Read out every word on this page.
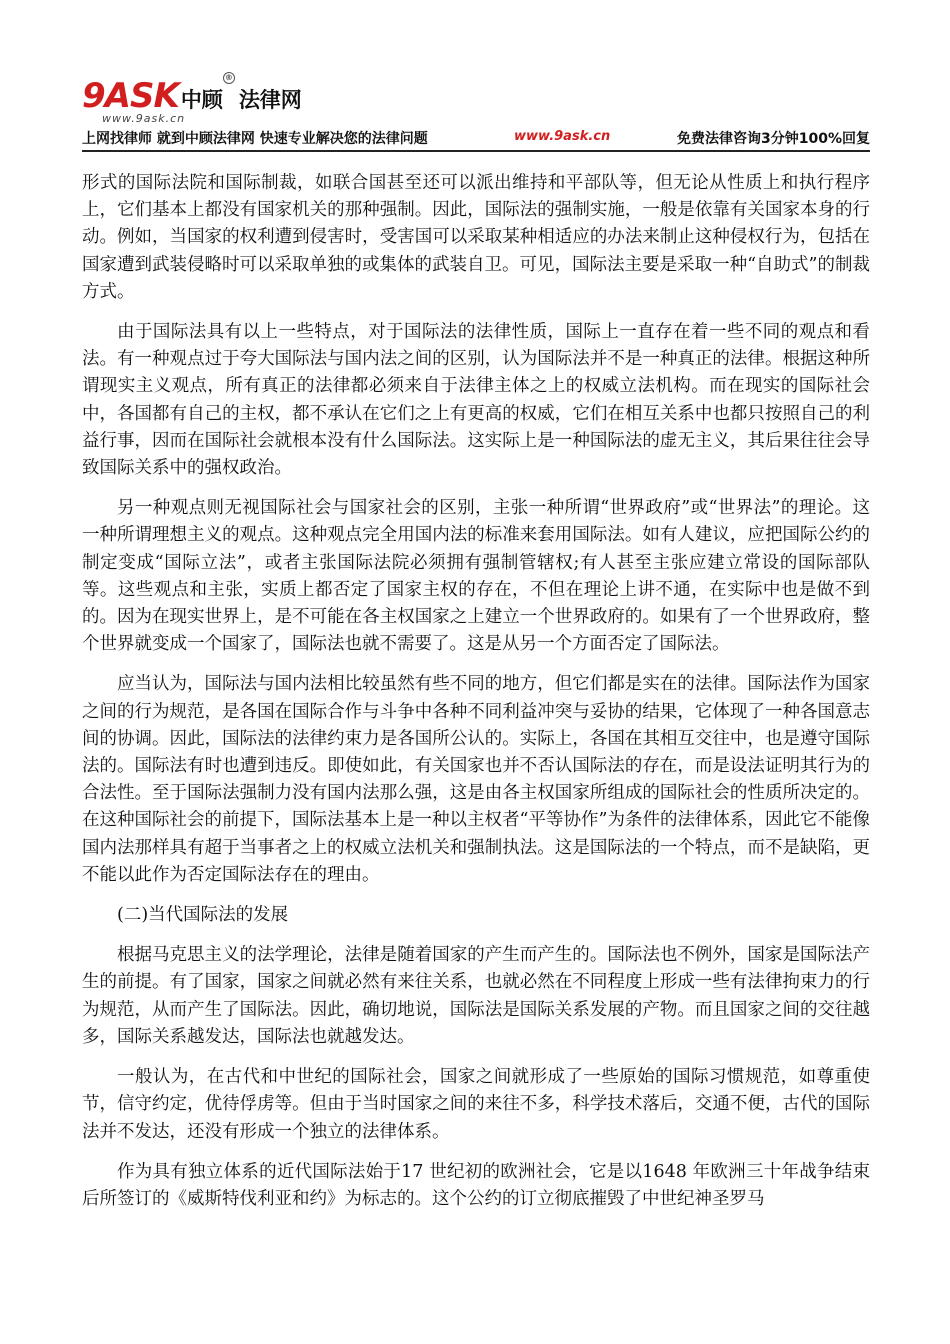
9ASK 中顾
®
法律网
www.9ask.cn
上网找律师 就到中顾法律网 快速专业解决您的法律问题	www.9ask.cn	免费法律咨询3分钟100%回复

形式的国际法院和国际制裁，如联合国甚至还可以派出维持和平部队等，但无论从性质上和执行程序上，它们基本上都没有国家机关的那种强制。因此，国际法的强制实施，一般是依靠有关国家本身的行动。例如，当国家的权利遭到侵害时，受害国可以采取某种相适应的办法来制止这种侵权行为，包括在国家遭到武装侵略时可以采取单独的或集体的武装自卫。可见，国际法主要是采取一种“自助式”的制裁方式。

由于国际法具有以上一些特点，对于国际法的法律性质，国际上一直存在着一些不同的观点和看法。有一种观点过于夸大国际法与国内法之间的区别，认为国际法并不是一种真正的法律。根据这种所谓现实主义观点，所有真正的法律都必须来自于法律主体之上的权威立法机构。而在现实的国际社会中，各国都有自己的主权，都不承认在它们之上有更高的权威，它们在相互关系中也都只按照自己的利益行事，因而在国际社会就根本没有什么国际法。这实际上是一种国际法的虚无主义，其后果往往会导致国际关系中的强权政治。

另一种观点则无视国际社会与国家社会的区别，主张一种所谓“世界政府”或“世界法”的理论。这一种所谓理想主义的观点。这种观点完全用国内法的标准来套用国际法。如有人建议，应把国际公约的制定变成“国际立法”，或者主张国际法院必须拥有强制管辖权;有人甚至主张应建立常设的国际部队等。这些观点和主张，实质上都否定了国家主权的存在，不但在理论上讲不通，在实际中也是做不到的。因为在现实世界上，是不可能在各主权国家之上建立一个世界政府的。如果有了一个世界政府，整个世界就变成一个国家了，国际法也就不需要了。这是从另一个方面否定了国际法。

应当认为，国际法与国内法相比较虽然有些不同的地方，但它们都是实在的法律。国际法作为国家之间的行为规范，是各国在国际合作与斗争中各种不同利益冲突与妥协的结果，它体现了一种各国意志间的协调。因此，国际法的法律约束力是各国所公认的。实际上，各国在其相互交往中，也是遵守国际法的。国际法有时也遭到违反。即使如此，有关国家也并不否认国际法的存在，而是设法证明其行为的合法性。至于国际法强制力没有国内法那么强，这是由各主权国家所组成的国际社会的性质所决定的。在这种国际社会的前提下，国际法基本上是一种以主权者“平等协作”为条件的法律体系，因此它不能像国内法那样具有超于当事者之上的权威立法机关和强制执法。这是国际法的一个特点，而不是缺陷，更不能以此作为否定国际法存在的理由。

(二)当代国际法的发展

根据马克思主义的法学理论，法律是随着国家的产生而产生的。国际法也不例外，国家是国际法产生的前提。有了国家，国家之间就必然有来往关系，也就必然在不同程度上形成一些有法律拘束力的行为规范，从而产生了国际法。因此，确切地说，国际法是国际关系发展的产物。而且国家之间的交往越多，国际关系越发达，国际法也就越发达。

一般认为，在古代和中世纪的国际社会，国家之间就形成了一些原始的国际习惯规范，如尊重使节，信守约定，优待俘虏等。但由于当时国家之间的来往不多，科学技术落后，交通不便，古代的国际法并不发达，还没有形成一个独立的法律体系。

作为具有独立体系的近代国际法始于17 世纪初的欧洲社会，它是以1648 年欧洲三十年战争结束后所签订的《威斯特伐利亚和约》为标志的。这个公约的订立彻底摧毁了中世纪神圣罗马
